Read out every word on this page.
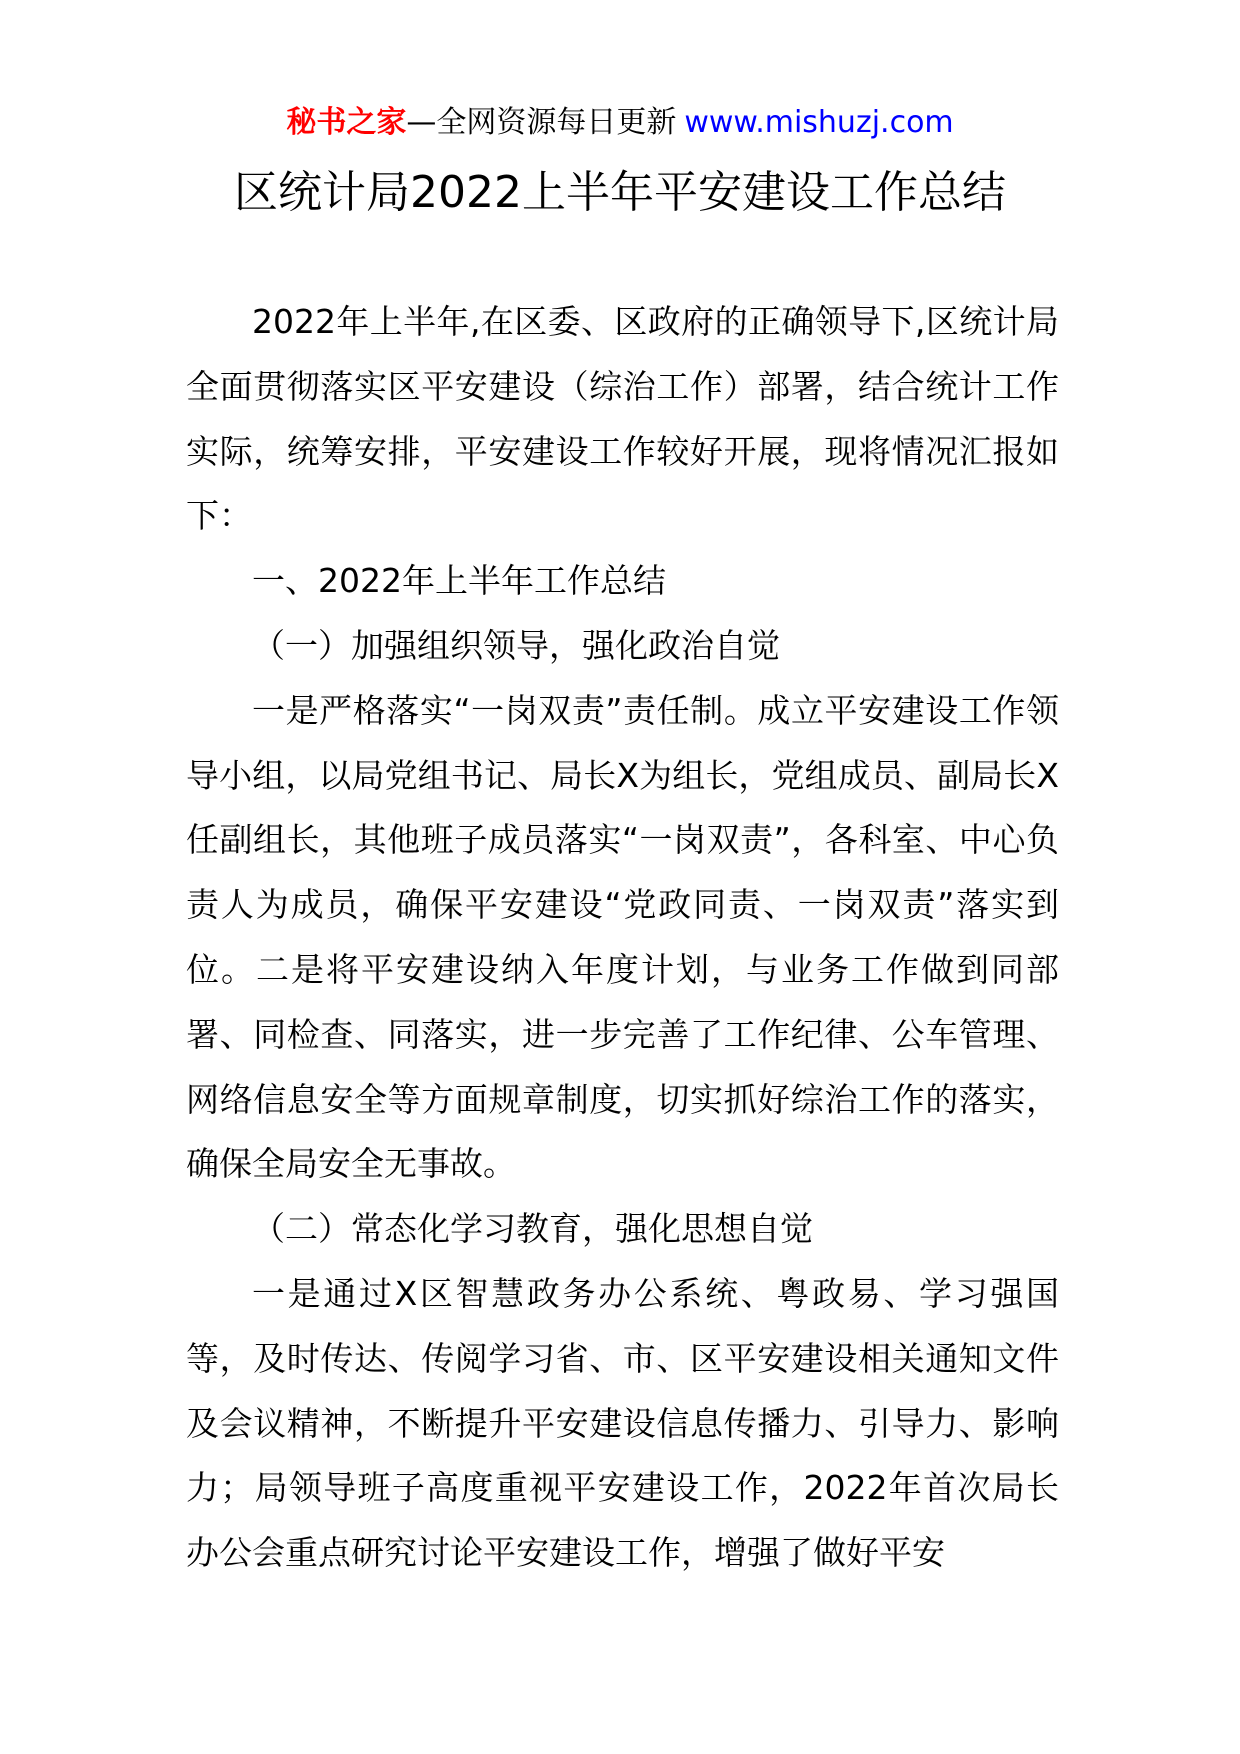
秘书之家—全网资源每日更新 www.mishuzj.com
区统计局2022上半年平安建设工作总结

2022年上半年,在区委、区政府的正确领导下,区统计局全面贯彻落实区平安建设（综治工作）部署，结合统计工作实际，统筹安排，平安建设工作较好开展，现将情况汇报如下：

一、2022年上半年工作总结

（一）加强组织领导，强化政治自觉

一是严格落实“一岗双责”责任制。成立平安建设工作领导小组，以局党组书记、局长X为组长，党组成员、副局长X任副组长，其他班子成员落实“一岗双责”，各科室、中心负责人为成员，确保平安建设“党政同责、一岗双责”落实到位。二是将平安建设纳入年度计划，与业务工作做到同部署、同检查、同落实，进一步完善了工作纪律、公车管理、网络信息安全等方面规章制度，切实抓好综治工作的落实，确保全局安全无事故。

（二）常态化学习教育，强化思想自觉

一是通过X区智慧政务办公系统、粤政易、学习强国等，及时传达、传阅学习省、市、区平安建设相关通知文件及会议精神，不断提升平安建设信息传播力、引导力、影响力；局领导班子高度重视平安建设工作，2022年首次局长办公会重点研究讨论平安建设工作，增强了做好平安
